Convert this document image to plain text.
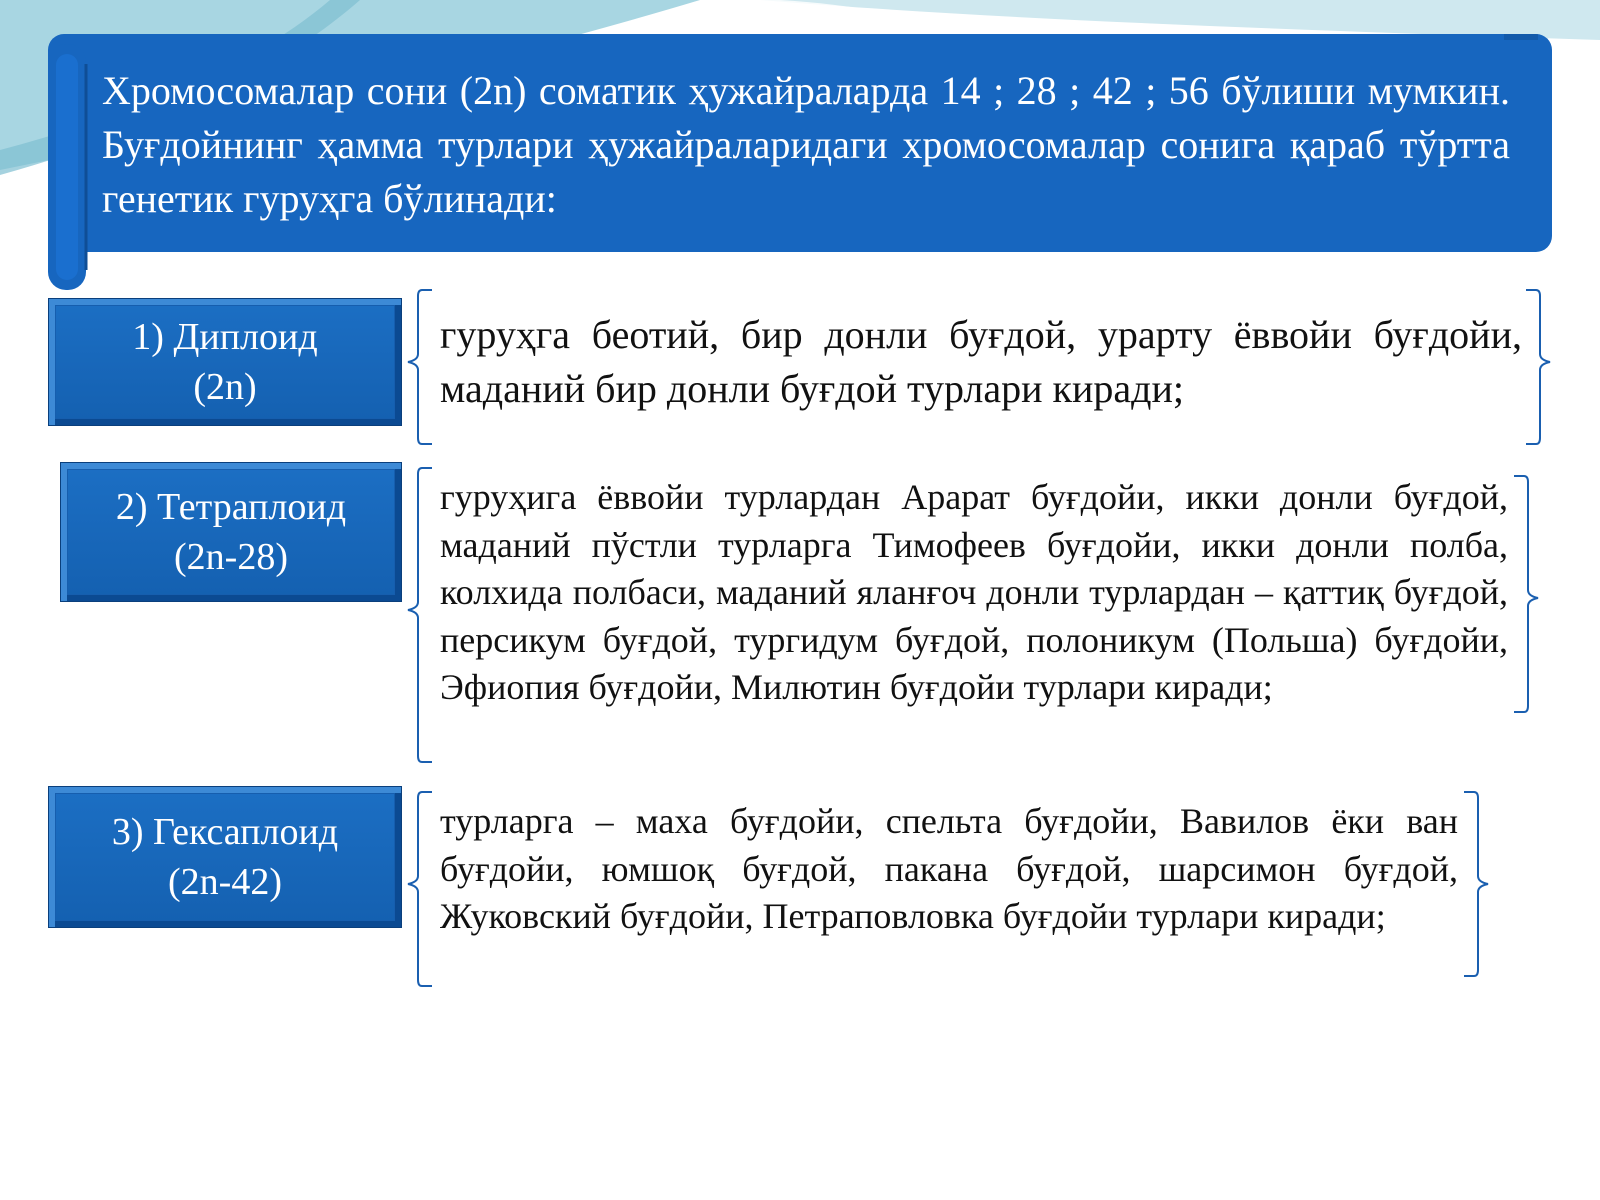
Хромосомалар сони (2n) соматик ҳужайраларда 14 ; 28 ; 42 ; 56 бўлиши мумкин. Буғдойнинг ҳамма турлари ҳужайраларидаги хромосомалар сонига қараб тўртта генетик гуруҳга бўлинади:

1) Диплоид
(2n)

гуруҳга беотий, бир донли буғдой, урарту ёввойи буғдойи, маданий бир донли буғдой турлари киради;

2) Тетраплоид
(2n-28)

гуруҳига ёввойи турлардан Арарат буғдойи, икки донли буғдой, маданий пўстли турларга Тимофеев буғдойи, икки донли полба, колхида полбаси, маданий яланғоч донли турлардан – қаттиқ буғдой, персикум буғдой, тургидум буғдой, полоникум (Польша) буғдойи, Эфиопия буғдойи, Милютин буғдойи турлари киради;

3) Гексаплоид
(2n-42)

турларга – маха буғдойи, спельта буғдойи, Вавилов ёки ван буғдойи, юмшоқ буғдой, пакана буғдой, шарсимон буғдой, Жуковский буғдойи, Петраповловка буғдойи турлари киради;
